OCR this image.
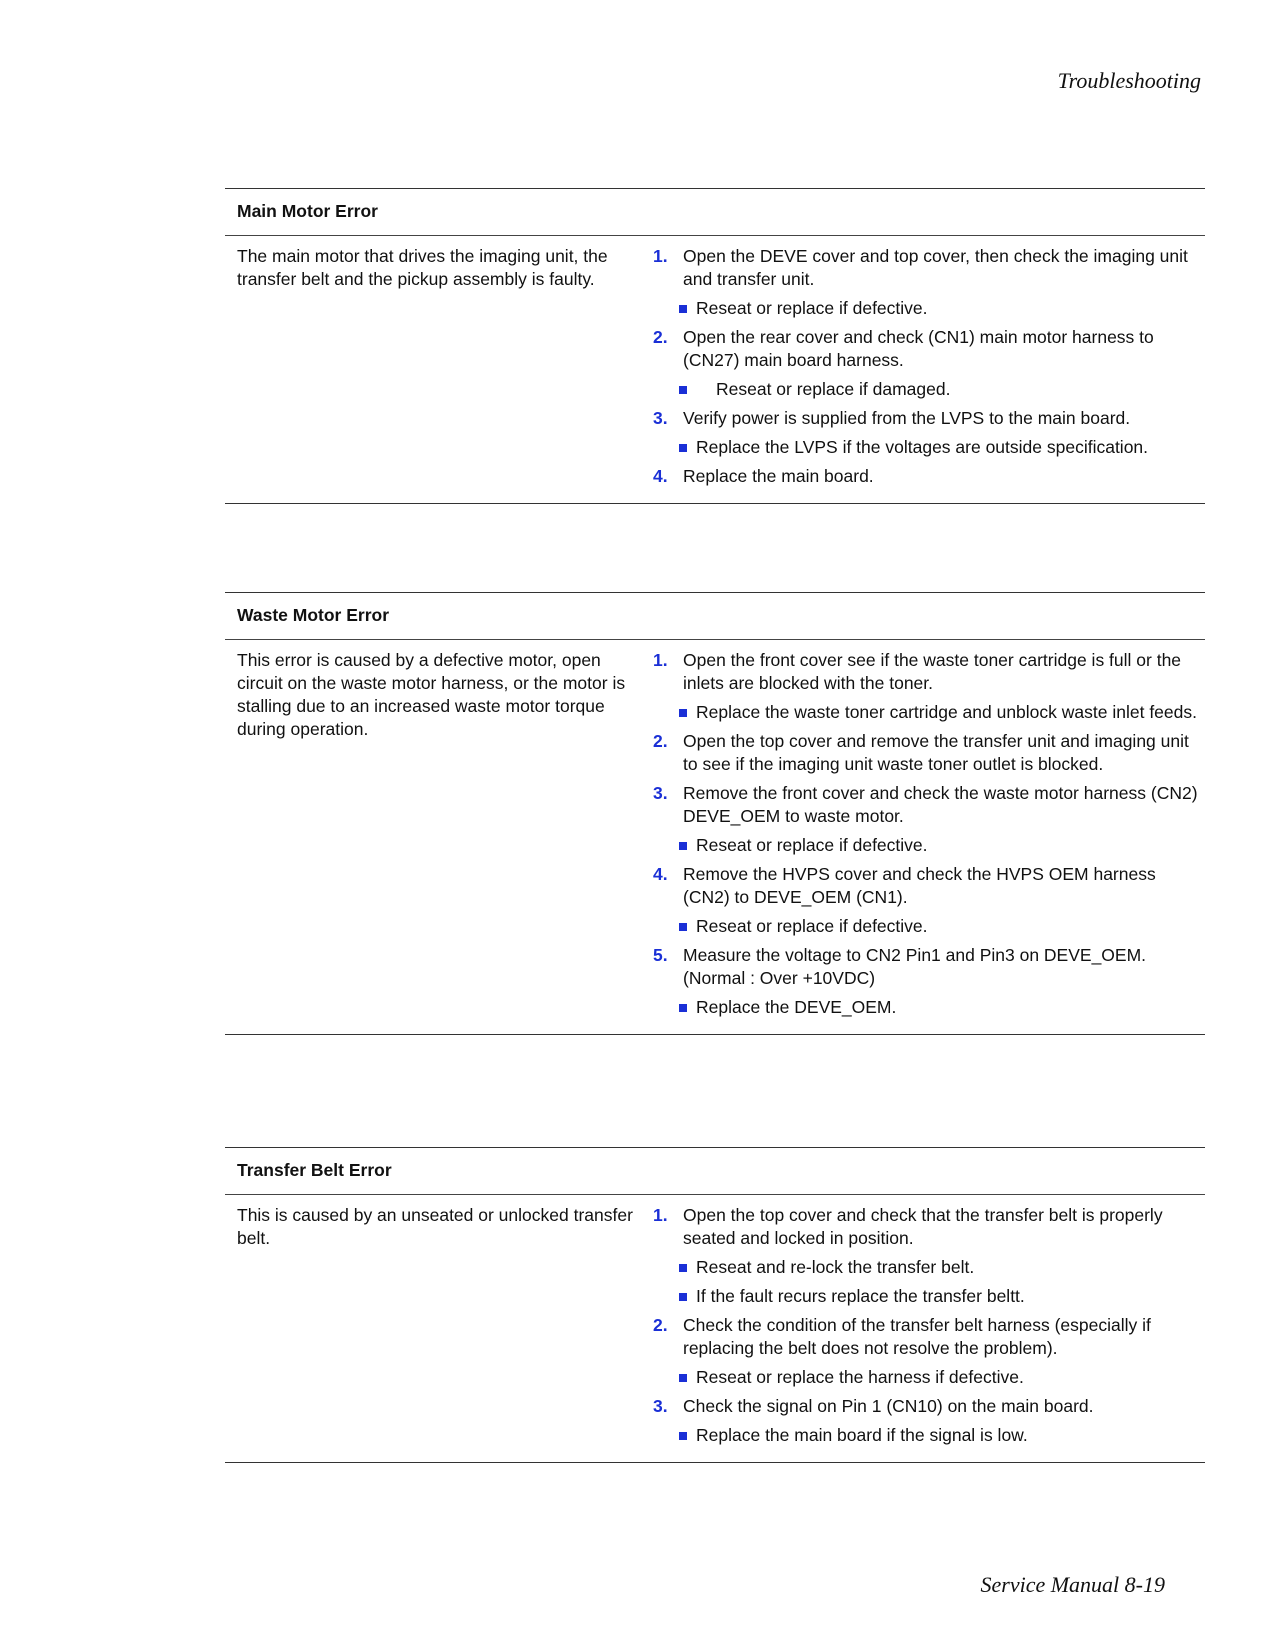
Troubleshooting
Main Motor Error
The main motor that drives the imaging unit, the transfer belt and the pickup assembly is faulty.
1. Open the DEVE cover and top cover, then check the imaging unit and transfer unit.
Reseat or replace if defective.
2. Open the rear cover and check (CN1) main motor harness to (CN27) main board harness.
Reseat or replace if damaged.
3. Verify power is supplied from the LVPS to the main board.
Replace the LVPS if the voltages are outside specification.
4. Replace the main board.
Waste Motor Error
This error is caused by a defective motor, open circuit on the waste motor harness, or the motor is stalling due to an increased waste motor torque during operation.
1. Open the front cover see if the waste toner cartridge is full or the inlets are blocked with the toner.
Replace the waste toner cartridge and unblock waste inlet feeds.
2. Open the top cover and remove the transfer unit and imaging unit to see if the imaging unit waste toner outlet is blocked.
3. Remove the front cover and check the waste motor harness (CN2) DEVE_OEM to waste motor.
Reseat or replace if defective.
4. Remove the HVPS cover and check the HVPS OEM harness (CN2) to DEVE_OEM (CN1).
Reseat or replace if defective.
5. Measure the voltage to CN2 Pin1 and Pin3 on DEVE_OEM. (Normal : Over +10VDC)
Replace the DEVE_OEM.
Transfer Belt Error
This is caused by an unseated or unlocked transfer belt.
1. Open the top cover and check that the transfer belt is properly seated and locked in position.
Reseat and re-lock the transfer belt.
If the fault recurs replace the transfer beltt.
2. Check the condition of the transfer belt harness (especially if replacing the belt does not resolve the problem).
Reseat or replace the harness if defective.
3. Check the signal on Pin 1 (CN10) on the main board.
Replace the main board if the signal is low.
Service Manual 8-19
